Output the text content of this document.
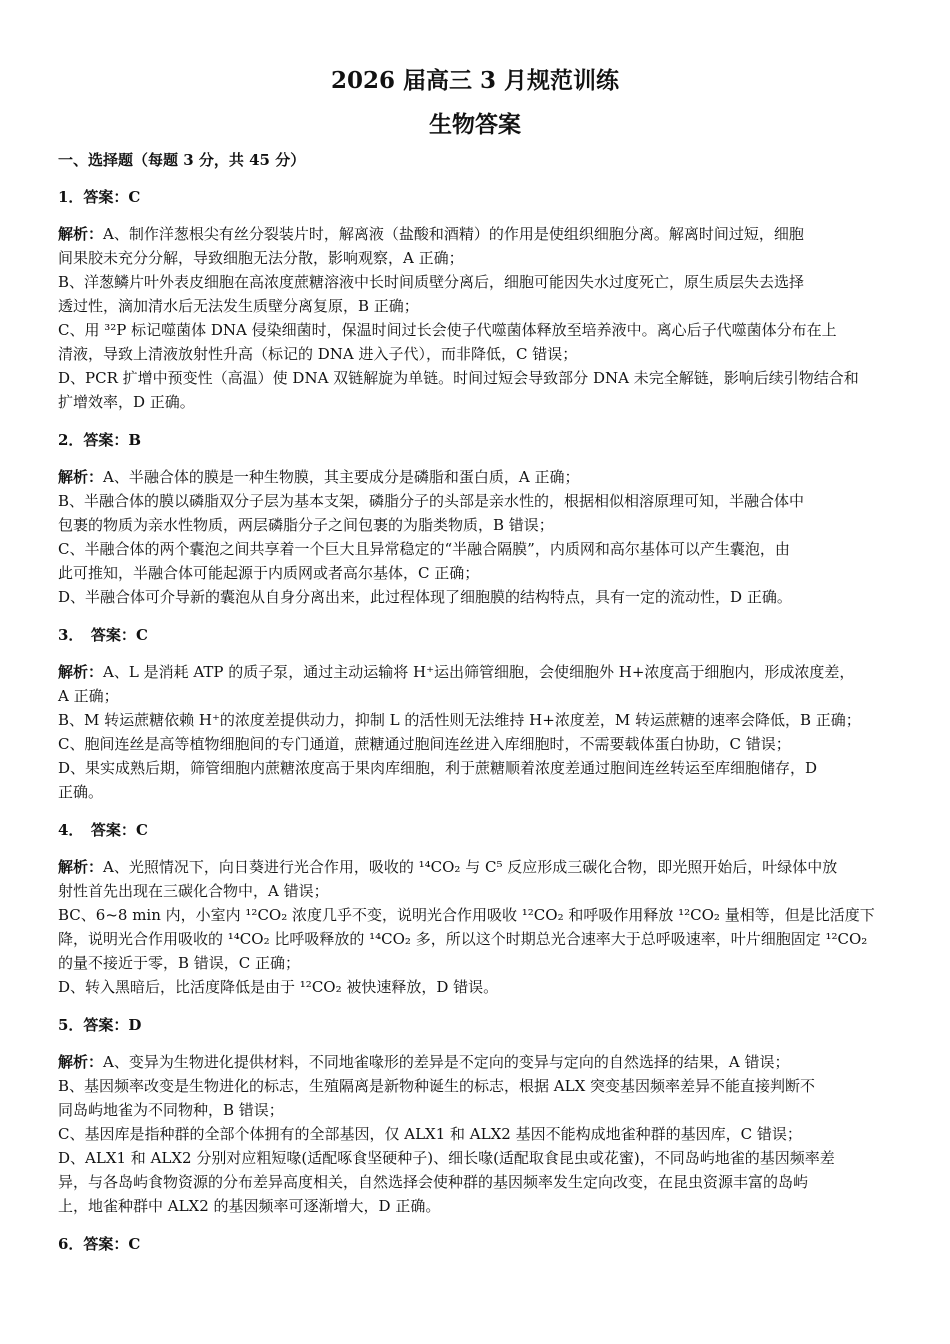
2026 届高三 3 月规范训练
生物答案
一、选择题（每题 3 分，共 45 分）
1．答案：C
解析：A、制作洋葱根尖有丝分裂装片时，解离液（盐酸和酒精）的作用是使组织细胞分离。解离时间过短，细胞
间果胶未充分分解，导致细胞无法分散，影响观察，A 正确；
B、洋葱鳞片叶外表皮细胞在高浓度蔗糖溶液中长时间质壁分离后，细胞可能因失水过度死亡，原生质层失去选择
透过性，滴加清水后无法发生质壁分离复原，B 正确；
C、用 ³²P 标记噬菌体 DNA 侵染细菌时，保温时间过长会使子代噬菌体释放至培养液中。离心后子代噬菌体分布在上
清液，导致上清液放射性升高（标记的 DNA 进入子代），而非降低，C 错误；
D、PCR 扩增中预变性（高温）使 DNA 双链解旋为单链。时间过短会导致部分 DNA 未完全解链，影响后续引物结合和
扩增效率，D 正确。
2．答案：B
解析：A、半融合体的膜是一种生物膜，其主要成分是磷脂和蛋白质，A 正确；
B、半融合体的膜以磷脂双分子层为基本支架，磷脂分子的头部是亲水性的，根据相似相溶原理可知，半融合体中
包裹的物质为亲水性物质，两层磷脂分子之间包裹的为脂类物质，B 错误；
C、半融合体的两个囊泡之间共享着一个巨大且异常稳定的“半融合隔膜”，内质网和高尔基体可以产生囊泡，由
此可推知，半融合体可能起源于内质网或者高尔基体，C 正确；
D、半融合体可介导新的囊泡从自身分离出来，此过程体现了细胞膜的结构特点，具有一定的流动性，D 正确。
3．　答案：C
解析：A、L 是消耗 ATP 的质子泵，通过主动运输将 H⁺运出筛管细胞，会使细胞外 H+浓度高于细胞内，形成浓度差，
A 正确；
B、M 转运蔗糖依赖 H⁺的浓度差提供动力，抑制 L 的活性则无法维持 H+浓度差，M 转运蔗糖的速率会降低，B 正确；
C、胞间连丝是高等植物细胞间的专门通道，蔗糖通过胞间连丝进入库细胞时，不需要载体蛋白协助，C 错误；
D、果实成熟后期，筛管细胞内蔗糖浓度高于果肉库细胞，利于蔗糖顺着浓度差通过胞间连丝转运至库细胞储存，D
正确。
4．　答案：C
解析：A、光照情况下，向日葵进行光合作用，吸收的 ¹⁴CO₂ 与 C⁵ 反应形成三碳化合物，即光照开始后，叶绿体中放
射性首先出现在三碳化合物中，A 错误；
BC、6~8 min 内，小室内 ¹²CO₂ 浓度几乎不变，说明光合作用吸收 ¹²CO₂ 和呼吸作用释放 ¹²CO₂ 量相等，但是比活度下
降，说明光合作用吸收的 ¹⁴CO₂ 比呼吸释放的 ¹⁴CO₂ 多，所以这个时期总光合速率大于总呼吸速率，叶片细胞固定 ¹²CO₂
的量不接近于零，B 错误，C 正确；
D、转入黑暗后，比活度降低是由于 ¹²CO₂ 被快速释放，D 错误。
5．答案：D
解析：A、变异为生物进化提供材料，不同地雀喙形的差异是不定向的变异与定向的自然选择的结果，A 错误；
B、基因频率改变是生物进化的标志，生殖隔离是新物种诞生的标志，根据 ALX 突变基因频率差异不能直接判断不
同岛屿地雀为不同物种，B 错误；
C、基因库是指种群的全部个体拥有的全部基因，仅 ALX1 和 ALX2 基因不能构成地雀种群的基因库，C 错误；
D、ALX1 和 ALX2 分别对应粗短喙(适配啄食坚硬种子)、细长喙(适配取食昆虫或花蜜)，不同岛屿地雀的基因频率差
异，与各岛屿食物资源的分布差异高度相关，自然选择会使种群的基因频率发生定向改变，在昆虫资源丰富的岛屿
上，地雀种群中 ALX2 的基因频率可逐渐增大，D 正确。
6．答案：C
